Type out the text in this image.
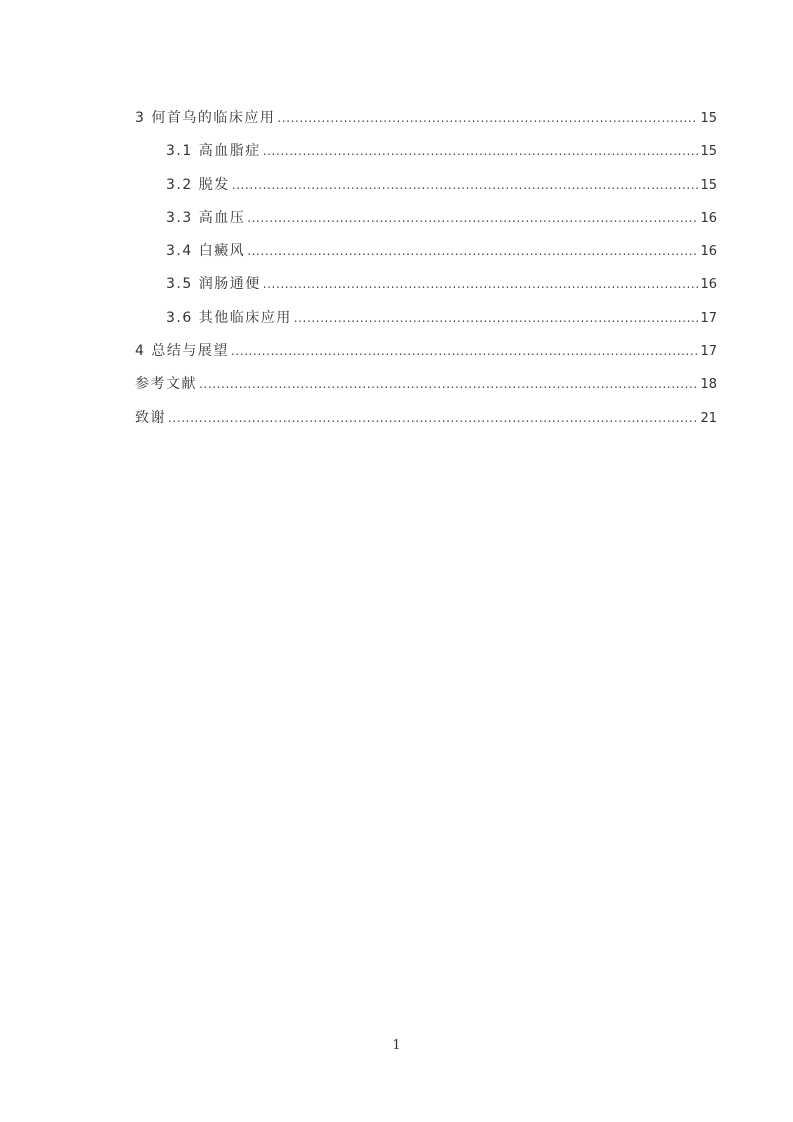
3 何首乌的临床应用 .....	15
3.1 高血脂症 .....	15
3.2 脱发 .....	15
3.3 高血压 .....	16
3.4 白癜风 .....	16
3.5 润肠通便 .....	16
3.6 其他临床应用 .....	17
4 总结与展望 .....	17
参考文献 .....	18
致谢 .....	21
1
